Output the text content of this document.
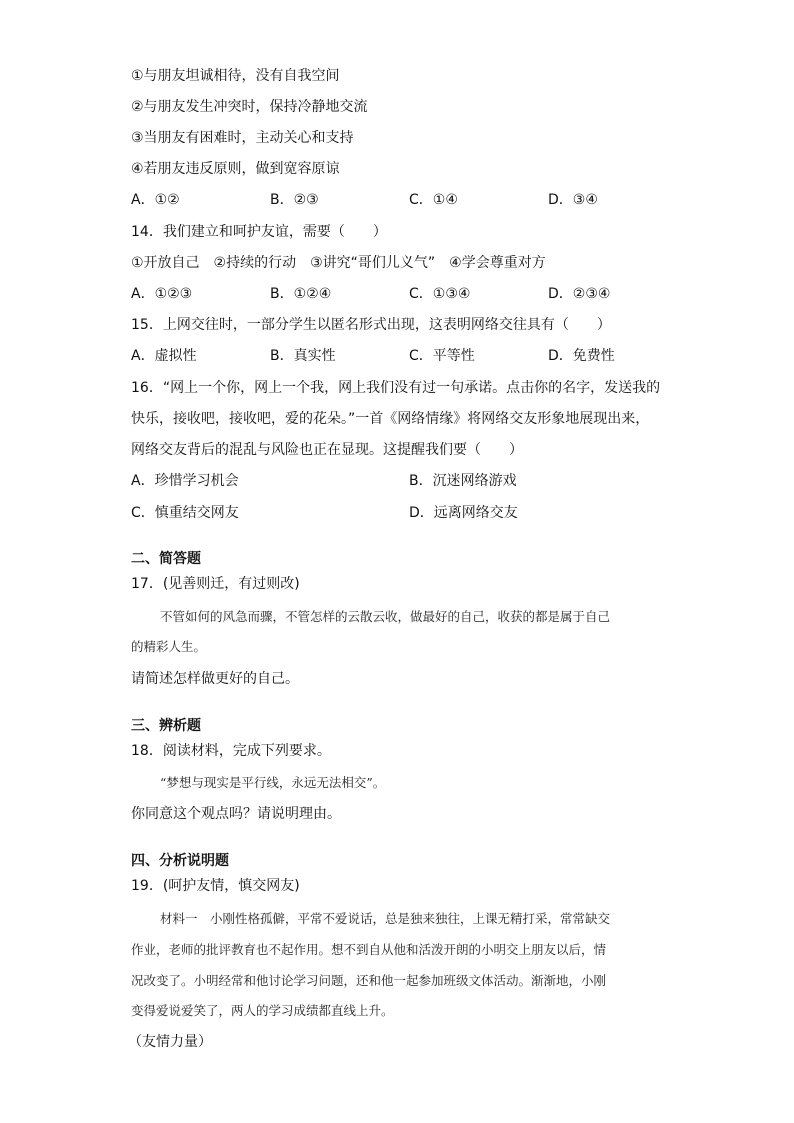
①与朋友坦诚相待，没有自我空间
②与朋友发生冲突时，保持冷静地交流
③当朋友有困难时，主动关心和支持
④若朋友违反原则，做到宽容原谅
A．①②	B．②③	C．①④	D．③④
14．我们建立和呵护友谊，需要（　　）
①开放自己　②持续的行动　③讲究“哥们儿义气”　④学会尊重对方
A．①②③	B．①②④	C．①③④	D．②③④
15．上网交往时，一部分学生以匿名形式出现，这表明网络交往具有（　　）
A．虚拟性	B．真实性	C．平等性	D．免费性
16．“网上一个你，网上一个我，网上我们没有过一句承诺。点击你的名字，发送我的
快乐，接收吧，接收吧，爱的花朵。”一首《网络情缘》将网络交友形象地展现出来，
网络交友背后的混乱与风险也正在显现。这提醒我们要（　　）
A．珍惜学习机会	B．沉迷网络游戏
C．慎重结交网友	D．远离网络交友
二、简答题
17．(见善则迁，有过则改)
不管如何的风急而骤，不管怎样的云散云收，做最好的自己，收获的都是属于自己
的精彩人生。
请简述怎样做更好的自己。
三、辨析题
18．阅读材料，完成下列要求。
“梦想与现实是平行线，永远无法相交”。
你同意这个观点吗？请说明理由。
四、分析说明题
19．(呵护友情，慎交网友)
材料一　小刚性格孤僻，平常不爱说话，总是独来独往，上课无精打采，常常缺交
作业，老师的批评教育也不起作用。想不到自从他和活泼开朗的小明交上朋友以后，情
况改变了。小明经常和他讨论学习问题，还和他一起参加班级文体活动。渐渐地，小刚
变得爱说爱笑了，两人的学习成绩都直线上升。
（友情力量）
